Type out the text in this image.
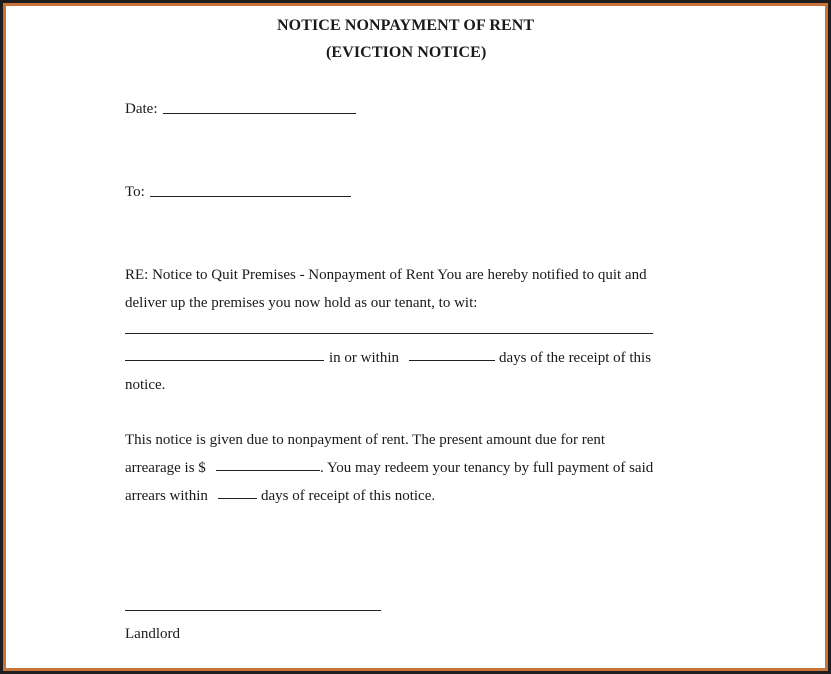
NOTICE NONPAYMENT OF RENT
(EVICTION NOTICE)
Date:
To:
RE: Notice to Quit Premises - Nonpayment of Rent You are hereby notified to quit and
deliver up the premises you now hold as our tenant, to wit:
in or within	days of the receipt of this
notice.
This notice is given due to nonpayment of rent. The present amount due for rent
arrearage is $	. You may redeem your tenancy by full payment of said
arrears within	days of receipt of this notice.
Landlord
